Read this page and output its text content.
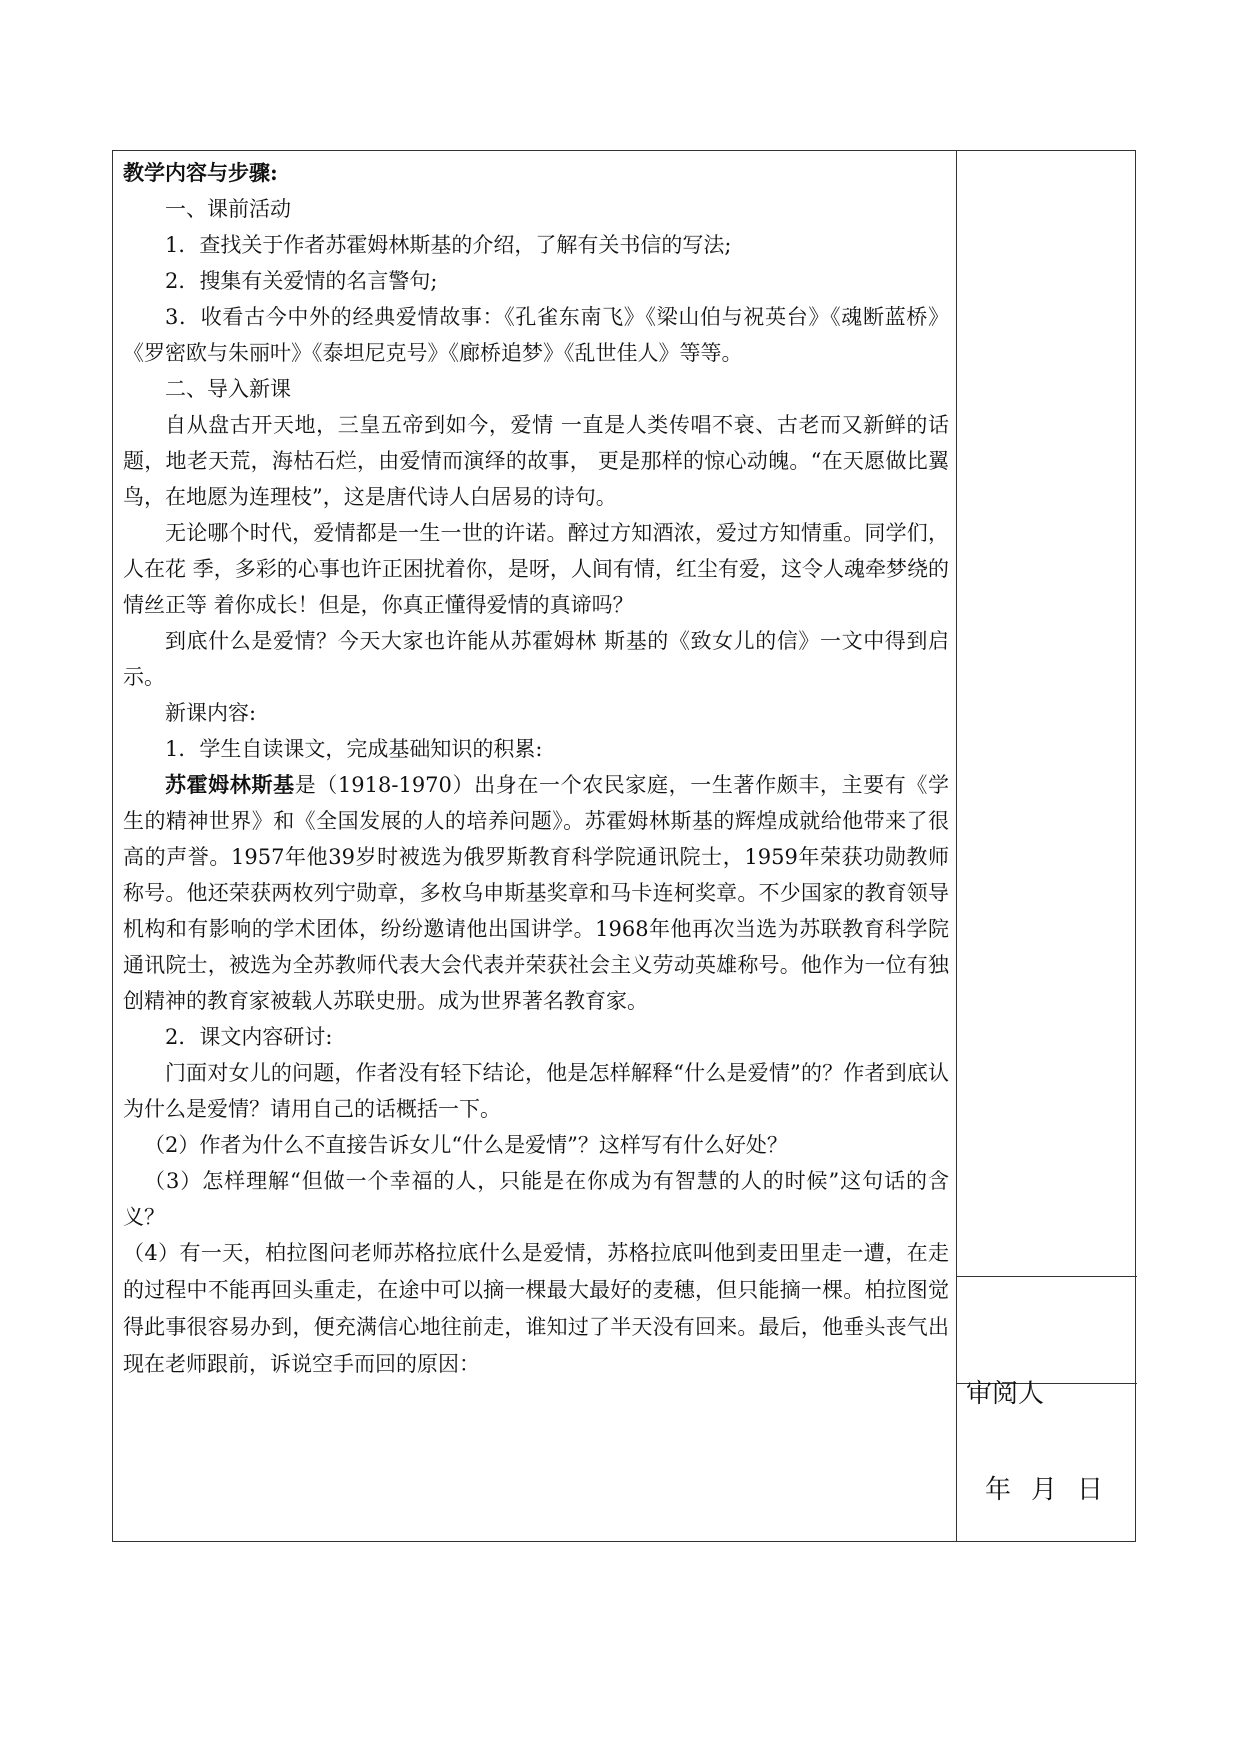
教学内容与步骤:

一、课前活动

1．查找关于作者苏霍姆林斯基的介绍，了解有关书信的写法;

2．搜集有关爱情的名言警句;

3．收看古今中外的经典爱情故事：《孔雀东南飞》《梁山伯与祝英台》《魂断蓝桥》 《罗密欧与朱丽叶》《泰坦尼克号》《廊桥追梦》《乱世佳人》等等。

二、导入新课

自从盘古开天地，三皇五帝到如今，爱情 一直是人类传唱不衰、古老而又新鲜的话题，地老天荒，海枯石烂，由爱情而演绎的故事， 更是那样的惊心动魄。“在天愿做比翼鸟，在地愿为连理枝”，这是唐代诗人白居易的诗句。

无论哪个时代，爱情都是一生一世的许诺。醉过方知酒浓，爱过方知情重。同学们，人在花 季，多彩的心事也许正困扰着你，是呀，人间有情，红尘有爱，这令人魂牵梦绕的情丝正等 着你成长！但是，你真正懂得爱情的真谛吗？

到底什么是爱情？今天大家也许能从苏霍姆林 斯基的《致女儿的信》一文中得到启示。

新课内容:

1．学生自读课文，完成基础知识的积累:

苏霍姆林斯基是（1918-1970）出身在一个农民家庭，一生著作颇丰，主要有《学生的精神世界》和《全国发展的人的培养问题》。苏霍姆林斯基的辉煌成就给他带来了很高的声誉。1957年他39岁时被选为俄罗斯教育科学院通讯院士，1959年荣获功勋教师称号。他还荣获两枚列宁勋章，多枚乌申斯基奖章和马卡连柯奖章。不少国家的教育领导机构和有影响的学术团体，纷纷邀请他出国讲学。1968年他再次当选为苏联教育科学院通讯院士，被选为全苏教师代表大会代表并荣获社会主义劳动英雄称号。他作为一位有独创精神的教育家被载人苏联史册。成为世界著名教育家。

2．课文内容研讨:

门面对女儿的问题，作者没有轻下结论，他是怎样解释“什么是爱情”的？作者到底认为什么是爱情？请用自己的话概括一下。

（2）作者为什么不直接告诉女儿“什么是爱情”？这样写有什么好处？

（3）怎样理解“但做一个幸福的人，只能是在你成为有智慧的人的时候”这句话的含义？

（4）有一天，柏拉图问老师苏格拉底什么是爱情，苏格拉底叫他到麦田里走一遭，在走的过程中不能再回头重走，在途中可以摘一棵最大最好的麦穗，但只能摘一棵。柏拉图觉得此事很容易办到，便充满信心地往前走，谁知过了半天没有回来。最后，他垂头丧气出现在老师跟前，诉说空手而回的原因：

审阅人
年 月 日
